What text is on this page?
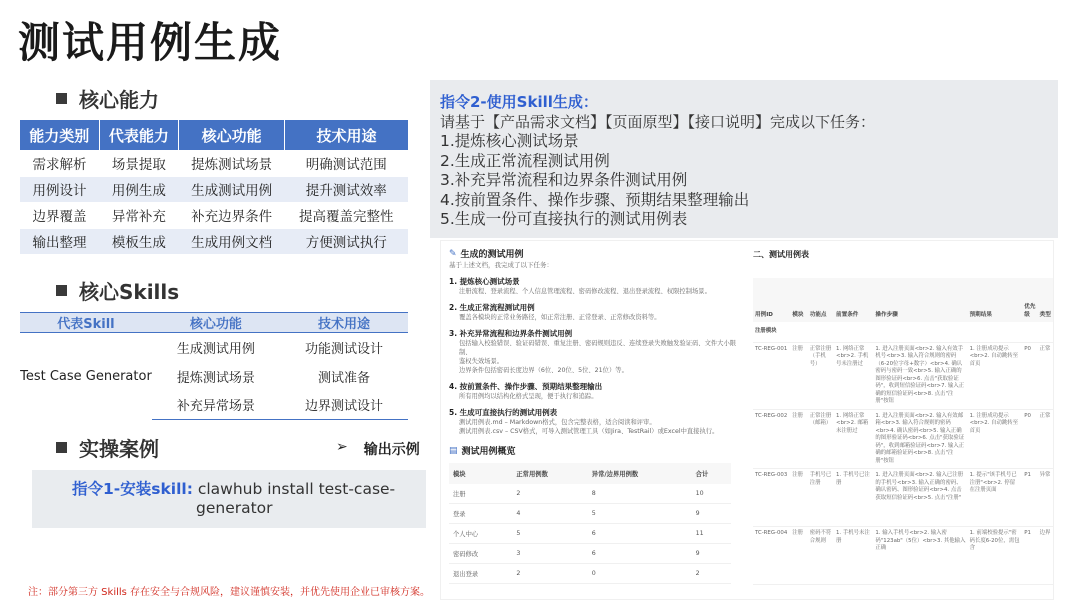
测试用例生成
核心能力
能力类别	代表能力	核心功能	技术用途
需求解析	场景提取	提炼测试场景	明确测试范围
用例设计	用例生成	生成测试用例	提升测试效率
边界覆盖	异常补充	补充边界条件	提高覆盖完整性
输出整理	模板生成	生成用例文档	方便测试执行
核心Skills
代表Skill	核心功能	技术用途
Test Case Generator	生成测试用例	功能测试设计
	提炼测试场景	测试准备
	补充异常场景	边界测试设计
实操案例	➢ 输出示例
指令1-安装skill: clawhub install test-case-
generator
注：部分第三方 Skills 存在安全与合规风险，建议谨慎安装，并优先使用企业已审核方案。
指令2-使用Skill生成：
请基于【产品需求文档】【页面原型】【接口说明】完成以下任务：
1.提炼核心测试场景
2.生成正常流程测试用例
3.补充异常流程和边界条件测试用例
4.按前置条件、操作步骤、预期结果整理输出
5.生成一份可直接执行的测试用例表
✎ 生成的测试用例
基于上述文档，我完成了以下任务：
1. 提炼核心测试场景
注册流程、登录流程、个人信息管理流程、密码修改流程、退出登录流程、权限控制场景。
2. 生成正常流程测试用例
覆盖各模块的正常业务路径，如正常注册、正常登录、正常修改资料等。
3. 补充异常流程和边界条件测试用例
包括输入校验错误、验证码错误、重复注册、密码规则违反、连续登录失败触发验证码、文件大小限制、
鉴权失效场景。
边界条件包括密码长度边界（6位、20位、5位、21位）等。
4. 按前置条件、操作步骤、预期结果整理输出
所有用例均以结构化格式呈现，便于执行和追踪。
5. 生成可直接执行的测试用例表
测试用例表.md – Markdown格式，包含完整表格，适合阅读和评审。
测试用例表.csv – CSV格式，可导入测试管理工具（如Jira、TestRail）或Excel中直接执行。
▤ 测试用例概览
模块	正常用例数	异常/边界用例数	合计
注册	2	8	10
登录	4	5	9
个人中心	5	6	11
密码修改	3	6	9
退出登录	2	0	2
二、测试用例表
用例ID	模块	功能点	前置条件	操作步骤	预期结果	优先级	类型
注册模块							
TC-REG-001	注册	正常注册（手机号）	1. 网络正常<br>2. 手机号未注册过	1. 进入注册页面<br>2. 输入有效手机号<br>3. 输入符合规则的密码（6-20位字母+数字）<br>4. 确认密码与密码一致<br>5. 输入正确的图形验证码<br>6. 点击"获取验证码"，收到短信验证码<br>7. 输入正确的短信验证码<br>8. 点击"注册"按钮	1. 注册成功提示<br>2. 自动跳转至首页	P0	正常
TC-REG-002	注册	正常注册（邮箱）	1. 网络正常<br>2. 邮箱未注册过	1. 进入注册页面<br>2. 输入有效邮箱<br>3. 输入符合规则的密码<br>4. 确认密码<br>5. 输入正确的图形验证码<br>6. 点击"获取验证码"，收到邮箱验证码<br>7. 输入正确的邮箱验证码<br>8. 点击"注册"按钮	1. 注册成功提示<br>2. 自动跳转至首页	P0	正常
TC-REG-003	注册	手机号已注册	1. 手机号已注册	1. 进入注册页面<br>2. 输入已注册的手机号<br>3. 输入正确的密码、确认密码、图形验证码<br>4. 点击获取短信验证码<br>5. 点击"注册"	1. 提示"该手机号已注册"<br>2. 停留在注册页面	P1	异常
TC-REG-004	注册	密码不符合规则	1. 手机号未注册	1. 输入手机号<br>2. 输入密码"123ab"（5位）<br>3. 其他输入正确	1. 前端校验提示"密码长度6-20位，需包含	P1	边界
